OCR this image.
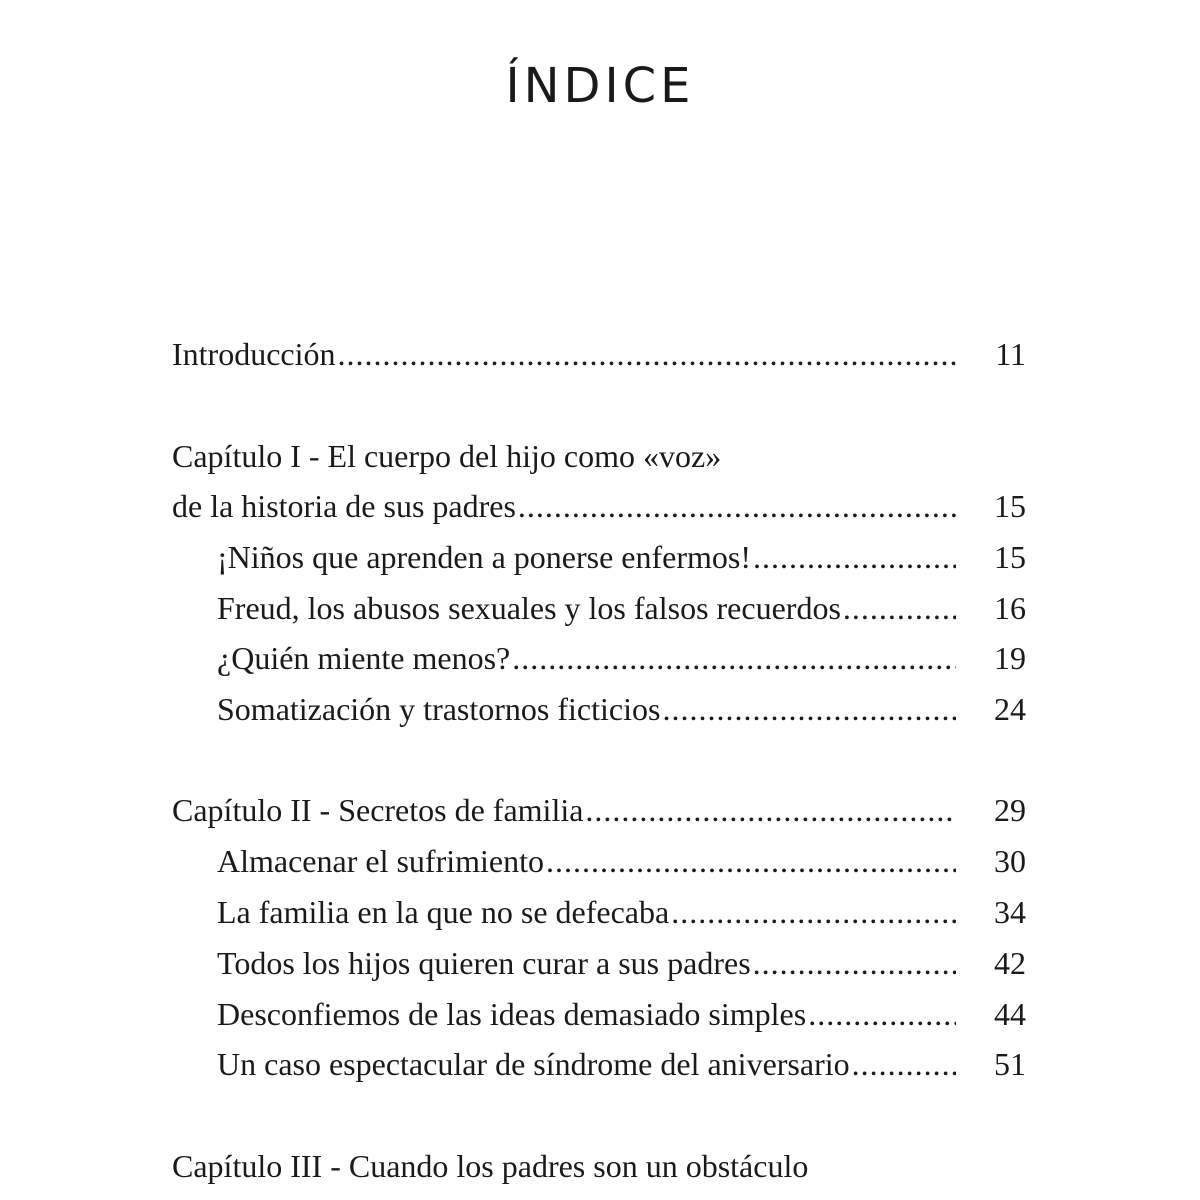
ÍNDICE
Introducción .....	11
Capítulo I - El cuerpo del hijo como «voz»
de la historia de sus padres .....	15
¡Niños que aprenden a ponerse enfermos! .....	15
Freud, los abusos sexuales y los falsos recuerdos .....	16
¿Quién miente menos? .....	19
Somatización y trastornos ficticios .....	24
Capítulo II - Secretos de familia .....	29
Almacenar el sufrimiento .....	30
La familia en la que no se defecaba .....	34
Todos los hijos quieren curar a sus padres .....	42
Desconfiemos de las ideas demasiado simples .....	44
Un caso espectacular de síndrome del aniversario .....	51
Capítulo III - Cuando los padres son un obstáculo
